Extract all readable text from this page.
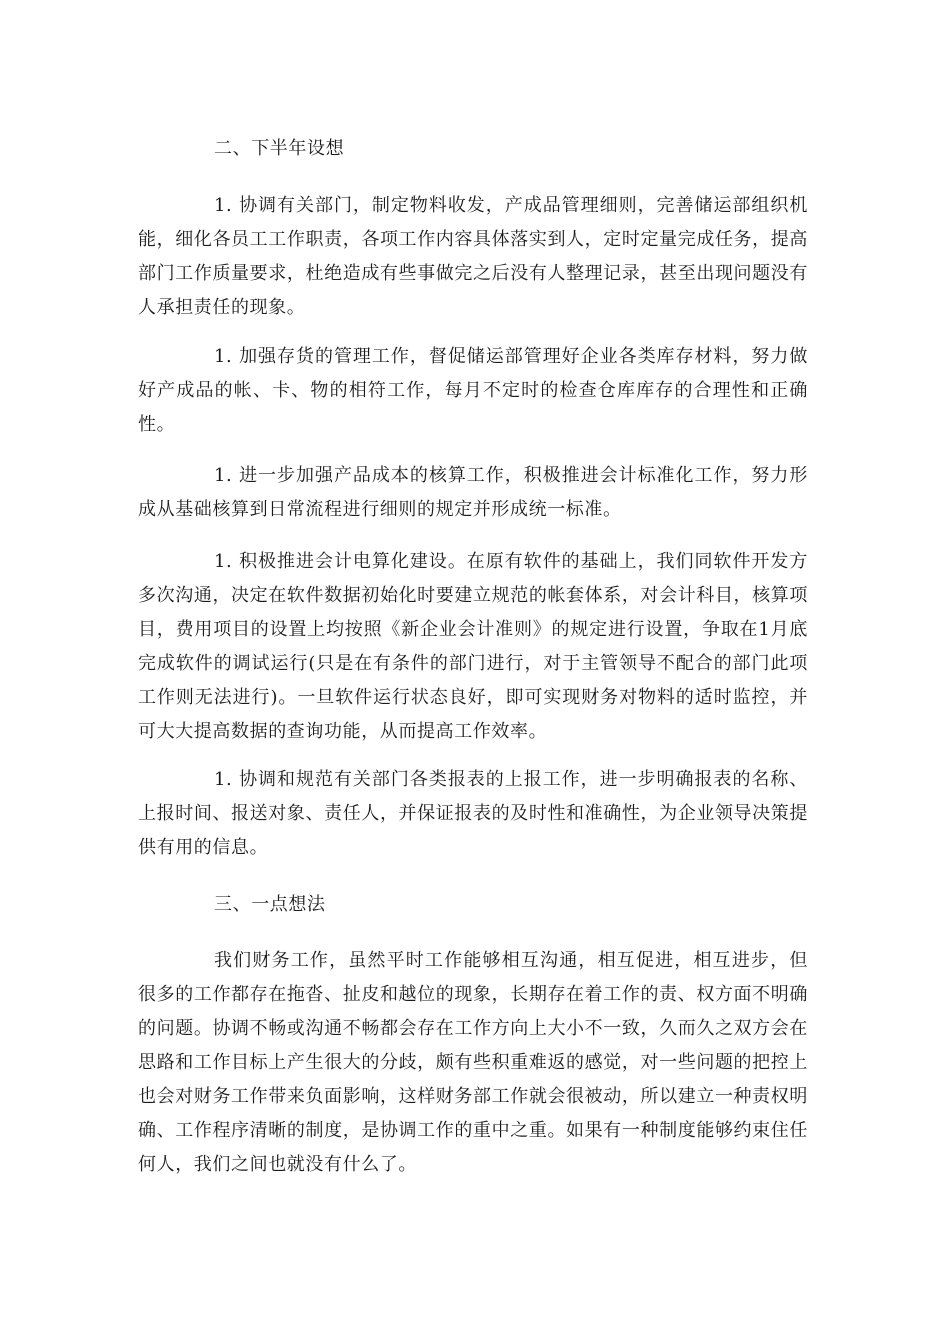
二、下半年设想

1. 协调有关部门，制定物料收发，产成品管理细则，完善储运部组织机能，细化各员工工作职责，各项工作内容具体落实到人，定时定量完成任务，提高部门工作质量要求，杜绝造成有些事做完之后没有人整理记录，甚至出现问题没有人承担责任的现象。

1. 加强存货的管理工作，督促储运部管理好企业各类库存材料，努力做好产成品的帐、卡、物的相符工作，每月不定时的检查仓库库存的合理性和正确性。

1. 进一步加强产品成本的核算工作，积极推进会计标准化工作，努力形成从基础核算到日常流程进行细则的规定并形成统一标准。

1. 积极推进会计电算化建设。在原有软件的基础上，我们同软件开发方多次沟通，决定在软件数据初始化时要建立规范的帐套体系，对会计科目，核算项目，费用项目的设置上均按照《新企业会计准则》的规定进行设置，争取在1月底完成软件的调试运行(只是在有条件的部门进行，对于主管领导不配合的部门此项工作则无法进行)。一旦软件运行状态良好，即可实现财务对物料的适时监控，并可大大提高数据的查询功能，从而提高工作效率。

1. 协调和规范有关部门各类报表的上报工作，进一步明确报表的名称、上报时间、报送对象、责任人，并保证报表的及时性和准确性，为企业领导决策提供有用的信息。

三、一点想法

我们财务工作，虽然平时工作能够相互沟通，相互促进，相互进步，但很多的工作都存在拖沓、扯皮和越位的现象，长期存在着工作的责、权方面不明确的问题。协调不畅或沟通不畅都会存在工作方向上大小不一致，久而久之双方会在思路和工作目标上产生很大的分歧，颇有些积重难返的感觉，对一些问题的把控上也会对财务工作带来负面影响，这样财务部工作就会很被动，所以建立一种责权明确、工作程序清晰的制度，是协调工作的重中之重。如果有一种制度能够约束住任何人，我们之间也就没有什么了。
